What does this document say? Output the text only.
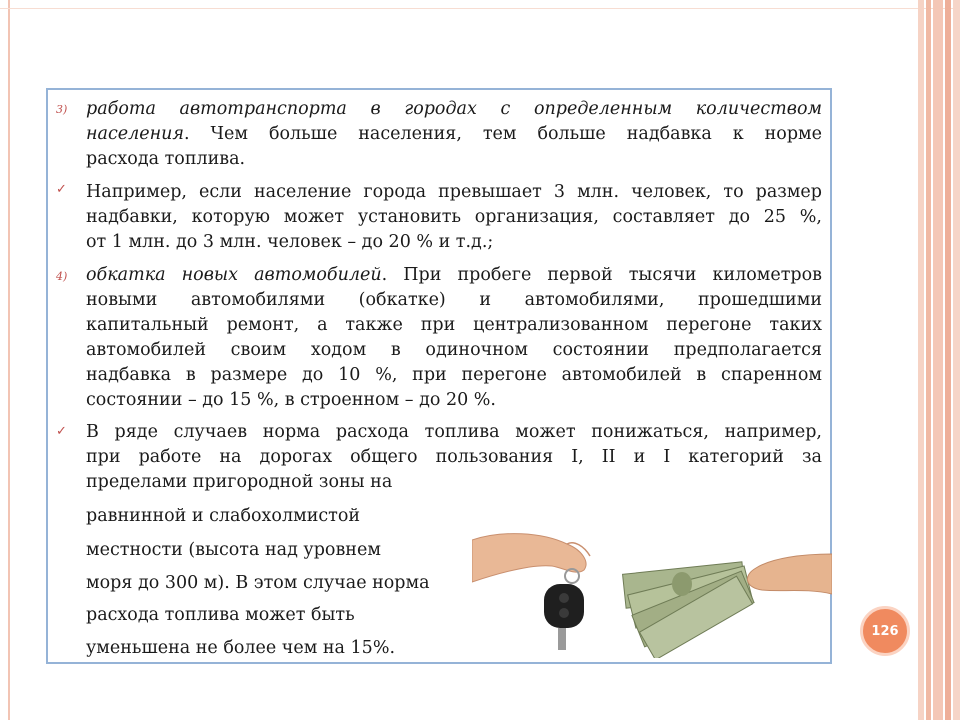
3) работа автотранспорта в городах с определенным количеством
населения. Чем больше населения, тем больше надбавка к норме
расхода топлива.
✓ Например, если население города превышает 3 млн. человек, то размер
надбавки, которую может установить организация, составляет до 25 %,
от 1 млн. до 3 млн. человек – до 20 % и т.д.;
4) обкатка новых автомобилей. При пробеге первой тысячи километров
новыми автомобилями (обкатке) и автомобилями, прошедшими
капитальный ремонт, а также при централизованном перегоне таких
автомобилей своим ходом в одиночном состоянии предполагается
надбавка в размере до 10 %, при перегоне автомобилей в спаренном
состоянии – до 15 %, в строенном – до 20 %.
✓ В ряде случаев норма расхода топлива может понижаться, например,
при работе на дорогах общего пользования I, II и I категорий за
пределами пригородной зоны на
равнинной и слабохолмистой
местности (высота над уровнем
моря до 300 м). В этом случае норма
расхода топлива может быть
уменьшена не более чем на 15%.
126
